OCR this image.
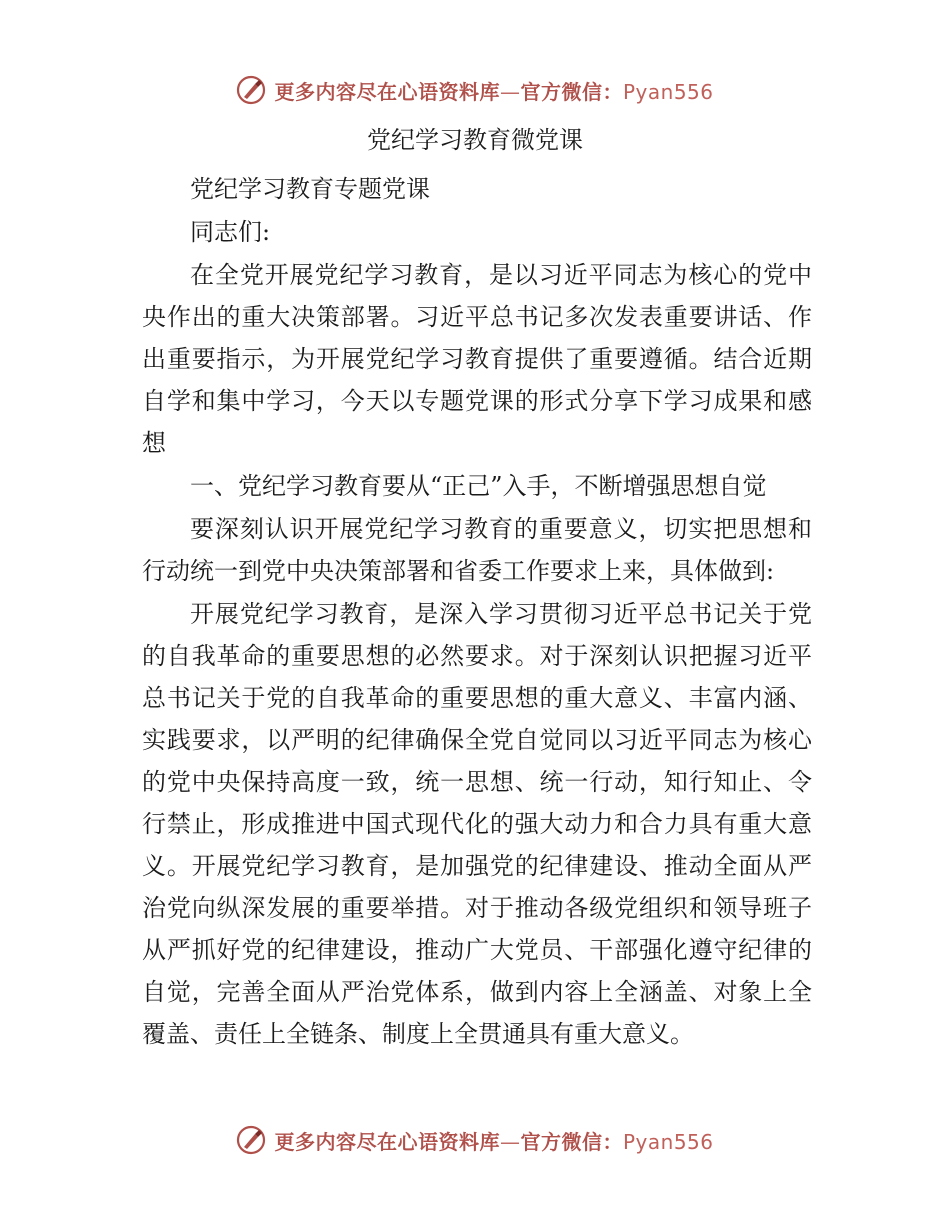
更多内容尽在心语资料库—官方微信：Pyan556
党纪学习教育微党课

党纪学习教育专题党课

同志们:

在全党开展党纪学习教育，是以习近平同志为核心的党中央作出的重大决策部署。习近平总书记多次发表重要讲话、作出重要指示，为开展党纪学习教育提供了重要遵循。结合近期自学和集中学习，今天以专题党课的形式分享下学习成果和感想

一、党纪学习教育要从“正己”入手，不断增强思想自觉

要深刻认识开展党纪学习教育的重要意义，切实把思想和行动统一到党中央决策部署和省委工作要求上来，具体做到:

开展党纪学习教育，是深入学习贯彻习近平总书记关于党的自我革命的重要思想的必然要求。对于深刻认识把握习近平总书记关于党的自我革命的重要思想的重大意义、丰富内涵、实践要求，以严明的纪律确保全党自觉同以习近平同志为核心的党中央保持高度一致，统一思想、统一行动，知行知止、令行禁止，形成推进中国式现代化的强大动力和合力具有重大意义。开展党纪学习教育，是加强党的纪律建设、推动全面从严治党向纵深发展的重要举措。对于推动各级党组织和领导班子从严抓好党的纪律建设，推动广大党员、干部强化遵守纪律的自觉，完善全面从严治党体系，做到内容上全涵盖、对象上全覆盖、责任上全链条、制度上全贯通具有重大意义。

更多内容尽在心语资料库—官方微信：Pyan556
